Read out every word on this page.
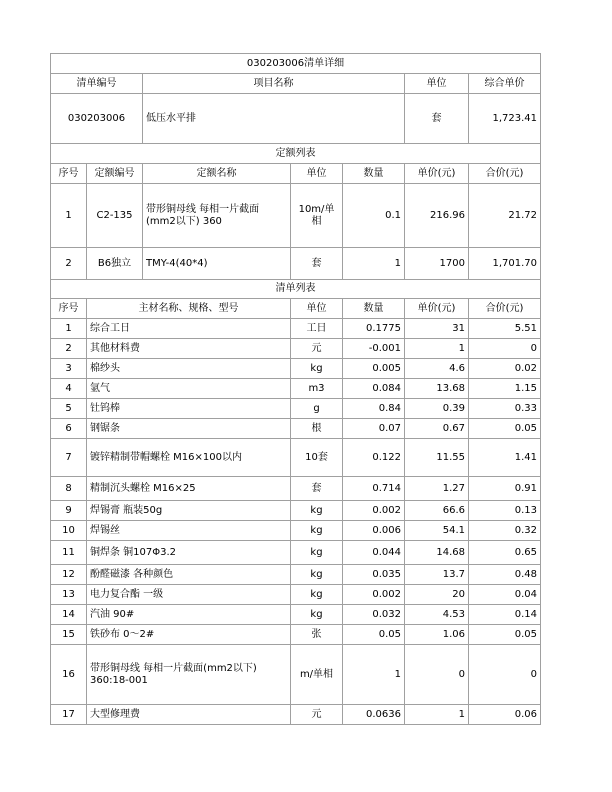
030203006清单详细						
清单编号		项目名称			单位	综合单价
030203006		低压水平排			套	1,723.41
定额列表						
序号	定额编号	定额名称	单位	数量	单价(元)	合价(元)
1	C2-135	带形铜母线 每相一片截面(mm2以下) 360	10m/单相	0.1	216.96	21.72
2	B6独立	TMY-4(40*4)	套	1	1700	1,701.70
清单列表					
序号	主材名称、规格、型号	单位	数量	单价(元)	合价(元)
1	综合工日	工日	0.1775	31	5.51
2	其他材料费	元	-0.001	1	0
3	棉纱头	kg	0.005	4.6	0.02
4	氩气	m3	0.084	13.68	1.15
5	钍钨棒	g	0.84	0.39	0.33
6	钢锯条	根	0.07	0.67	0.05
7	镀锌精制带帽螺栓 M16×100以内	10套	0.122	11.55	1.41
8	精制沉头螺栓 M16×25	套	0.714	1.27	0.91
9	焊锡膏 瓶装50g	kg	0.002	66.6	0.13
10	焊锡丝	kg	0.006	54.1	0.32
11	铜焊条 铜107Φ3.2	kg	0.044	14.68	0.65
12	酚醛磁漆 各种颜色	kg	0.035	13.7	0.48
13	电力复合酯 一级	kg	0.002	20	0.04
14	汽油 90#	kg	0.032	4.53	0.14
15	铁砂布 0～2#	张	0.05	1.06	0.05
16	带形铜母线 每相一片截面(mm2以下) 360:18-001	m/单相	1	0	0
17	大型修理费	元	0.0636	1	0.06
